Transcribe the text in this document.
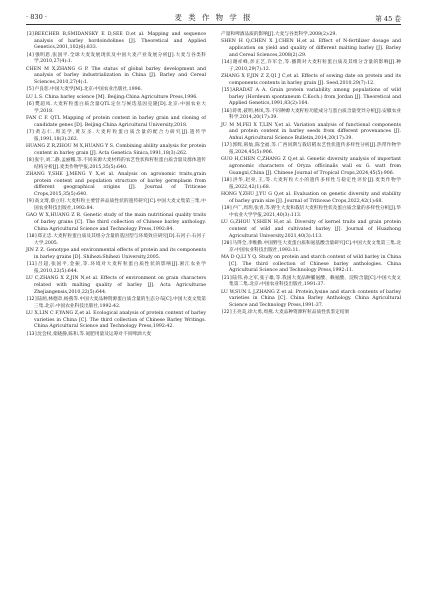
· 830 ·	麦 类 作 物 学 报	第 45 卷

[3]BEECHER B,SMIDANSKY E D,SEE D,et al. Mapping and sequence analysis of barley hordoindolines [J]. Theoretical and Applied Genetics,2001,102(6):833.

[4]强明恩,张国平.全球大麦发展现状及中国大麦产业发展分析[J].大麦与谷类科学,2010,27(4):1.

CHEN M X,ZHANG G P. The status of global barley development and analysis of barley industrialization in China [J]. Barley and Cereal Sciences,2010,27(4):1.

[5]卢良恕.中国大麦学[M].北京:中国农业出版社,1996.

LU L S. China barley science [M]. Beijing:China Agriculture Press,1996.

[6]樊超凤.大麦籽粒蛋白质含量QTL定位与候选基因克隆[D].北京:中国农业大学,2018.

FAN C F. QTL Mapping of protein content in barley grain and cloning of candidate genes [D]. Beijing:China Agricultural University,2018.

[7]黄志仁,周美学,黄友圣.大麦籽粒蛋白质含量的配合力研究[J].遗传学报,1991,18(3):262.

HUANG Z R,ZHOU M X,HUANG Y S. Combining ability analysis for protein content in barley grain [J]. Acta Genetica Sinica,1991,18(3):262.

[8]张宇,刘二静,孟丽娜,等.不同来源大麦材料的农艺性状和籽粒蛋白质含量及群体遗传结构分析[J].麦类作物学报,2015,35(5):640.

ZHANG Y,SHE J,MENG Y X,et al. Analysis on agronomic traits,grain protein content and population structure of barley germplasm from different geographical origins [J]. Journal of Triticeae Crops,2015,35(5):640.

[9]高文琦,蔡立旺.大麦籽粒主要营养品质性状的遗传研究[C].中国大麦文集第三集.中国农业科技出版社,1992:84.

GAO W X,HUANG Z R. Genetic study of the main nutritional quality traits of barley grains [C]. The third collection of Chinese barley anthology. China Agricultural Science and Technology Press,1992:84.

[10]郑正忠.大麦籽粒蛋白质及其组分含量的基因型与环境效应研究[D].石河子:石河子大学,2005.

JIN Z Z. Genotype and environmental effects of protein and its components in barley grains [D]. Shihezi:Shihezi University,2005.

[11]吕超,张国平,金振,等.环境对大麦籽粒蛋白质性状的影响[J].浙江农业学报,2010,22(5):644.

LU C,ZHANG X Z,JIN N,et al. Effects of environment on grain characters related with malting quality of barley [J]. Acta Agriculturae Zhejiangensis,2010,22(5):644.

[12]陆炳,林德章,杨燕等.中国大麦品种资源蛋白质含量的生态分布[C].中国大麦文集第三集.北京:中国农业科技出版社,1992:42.

LU X,LIN C F,YANG Z,et al. Ecological analysis of protein content of barley varieties in China [C]. The third collection of Chinese Barley Writings. China Agricultural Science and Technology Press,1992:42.

[13]沈会权,栾晓静,陈和,等.氮肥用量及运筹对不同啤酒大麦

产量和啤酒品质的影响[J].大麦与谷类科学,2008(2):29.

SHEN H Q,CHEN X J,CHEN H,et al. Effect of N-fertilizer dosage and application on yield and quality of different malting barley [J]. Barley and Cereal Sciences,2008(2):29.

[14]谢祥峰,彭正艺,许军全,等.播期对大麦籽粒蛋白质及其组分含量的影响[J].种子,2010,29(7):12.

ZHANG X F,JIN Z Z,QI J C,et al. Effects of sowing date on protein and its components contents in barley grain [J]. Seed,2010,29(7):12.

[15]ARADAT A A. Grain protein variability among populations of wild barley (Hordeum spontaneum C.Koch.) from Jordan [J]. Theoretical and Applied Genetics,1991,83(2):164.

[16]蒋勇,聂明,林凤,等.不同种源大麦籽粒功能成分与蛋白质含量变异分析[J].安徽农业科学,2014,20(17):39.

JU M M,FEI X T,LIN Y,et al. Variation analysis of functional components and protein content in barley seeds from different provenances [J]. Anhui Agricultural Science Bulletin,2014,20(17):39.

[17]郭辉,韩灿,陈全福,等.广西同期与栽培稻农艺性状遗传多样性分析[J].热带作物学报,2024,45(5):906.

GUO H,CHEN C,ZHANG Z Q,et al. Genetic diversity analysis of important agronomic characters of Oryza officinalis wall ex G. watt from Guangxi,China [J]. Chinese Journal of Tropical Crops,2024,45(5):906.

[18]洪华,赵亮,王,等.大麦籽粒大小的遗传多样性与稳定性评价[J].麦类作物学报,2022,42(1):68.

HONG Y,ZHU J,YU G Q,et al. Evaluation on genetic diversity and stability of barley grain size [J]. Journal of Triticeae Crops,2022,42(1):68.

[19]卢广,周玥,张青,等.野生大麦和栽培大麦籽粒性状及蛋白质含量的多样性分析[J].华中农业大学学报,2021,40(3):113.

LU G,ZHOU Y,SHEN H,et al. Diversity of kernel traits and grain protein content of wild and cultivated barley [J]. Journal of Huazhong Agricultural University,2021,40(3):113.

[20]马得全,李维勤.中国野生大麦蛋白质和氨基酸含量研究[C].中国大麦文集第三集.北京:中国农业科技出版社,1992:11.

MA D Q,LI Y Q. Study on protein and starch content of wild barley in China [C]. The third collection of Chinese barley anthologies. China Agricultural Science and Technology Press,1992:11.

[21]陆伟,孙之军,张子雄,等.我国大麦品种脯氨酸、赖氨酸、淀粉含量[C].中国大麦文集第二集.北京:中国农业科技出版社,1991:37.

LU W,SUN L J,ZHANG Z et al. Protein,lysine and starch contents of barley varieties in China [C]. China Barley Anthology. China Agricultural Science and Technology Press,1991:37.

[22]王亮美,徐大勇,周燕.大麦品种资源籽粒品质性状鉴定结果
